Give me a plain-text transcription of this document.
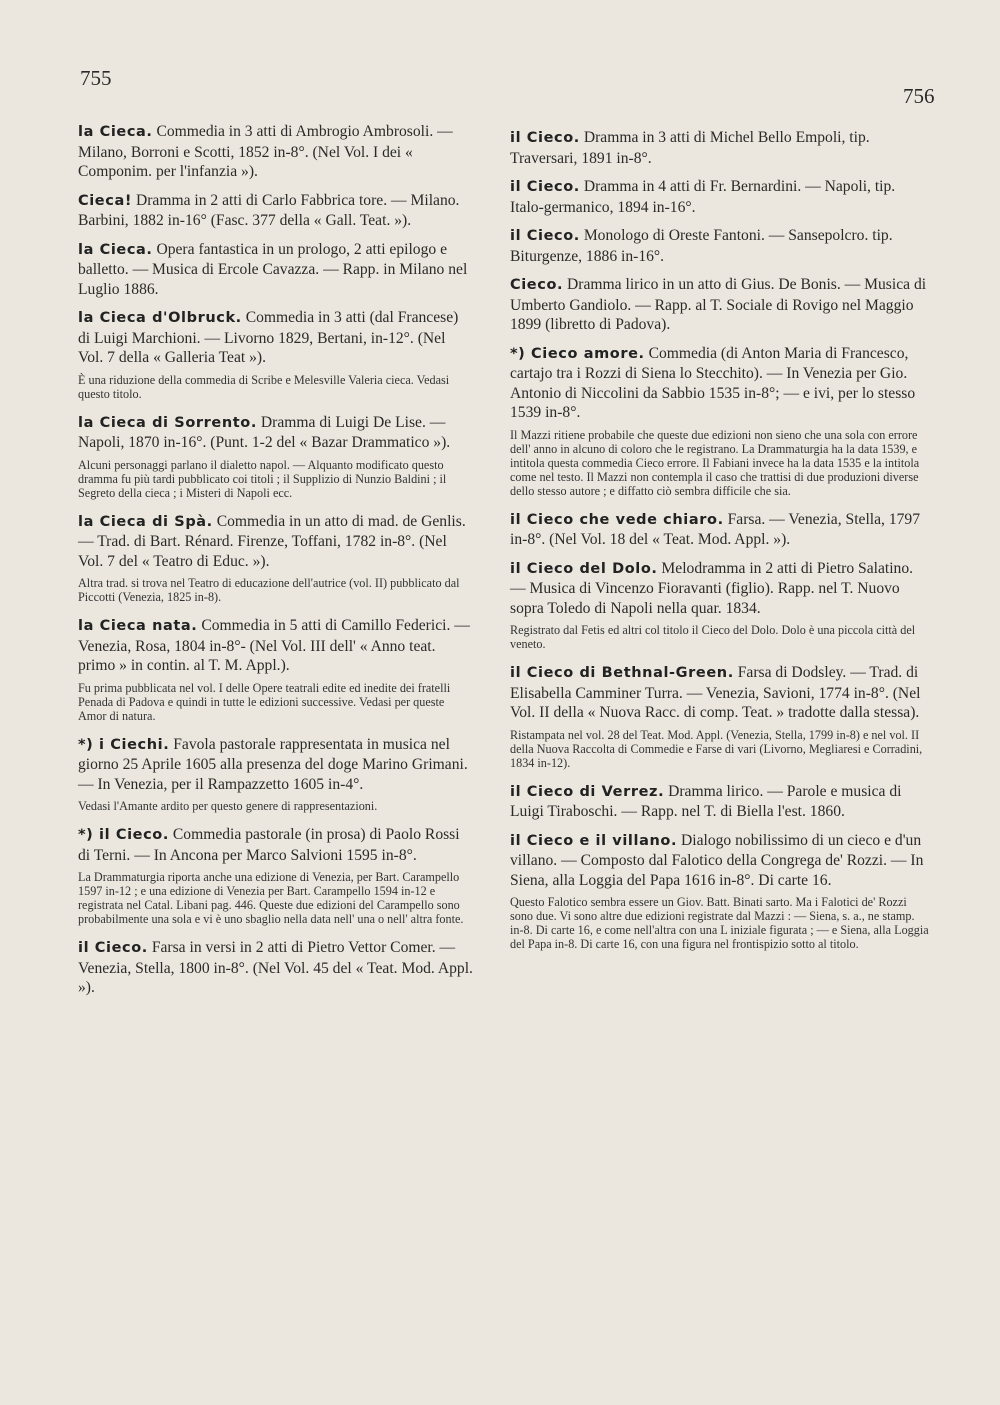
755
756
la Cieca. Commedia in 3 atti di Ambrogio Ambrosoli. — Milano, Borroni e Scotti, 1852 in-8°. (Nel Vol. I dei « Componim. per l'infanzia »).
Cieca! Dramma in 2 atti di Carlo Fabbrica tore. — Milano. Barbini, 1882 in-16° (Fasc. 377 della « Gall. Teat. »).
la Cieca. Opera fantastica in un prologo, 2 atti epilogo e balletto. — Musica di Ercole Cavazza. — Rapp. in Milano nel Luglio 1886.
la Cieca d'Olbruck. Commedia in 3 atti (dal Francese) di Luigi Marchioni. — Livorno 1829, Bertani, in-12°. (Nel Vol. 7 della « Galleria Teat »).
È una riduzione della commedia di Scribe e Melesville Valeria cieca. Vedasi questo titolo.
la Cieca di Sorrento. Dramma di Luigi De Lise. — Napoli, 1870 in-16°. (Punt. 1-2 del « Bazar Drammatico »).
Alcuni personaggi parlano il dialetto napol. — Alquanto modificato questo dramma fu più tardi pubblicato coi titoli ; il Supplizio di Nunzio Baldini ; il Segreto della cieca ; i Misteri di Napoli ecc.
la Cieca di Spà. Commedia in un atto di mad. de Genlis. — Trad. di Bart. Rénard. Firenze, Toffani, 1782 in-8°. (Nel Vol. 7 del « Teatro di Educ. »).
Altra trad. si trova nel Teatro di educazione dell'autrice (vol. II) pubblicato dal Piccotti (Venezia, 1825 in-8).
la Cieca nata. Commedia in 5 atti di Camillo Federici. — Venezia, Rosa, 1804 in-8°- (Nel Vol. III dell' « Anno teat. primo » in contin. al T. M. Appl.).
Fu prima pubblicata nel vol. I delle Opere teatrali edite ed inedite dei fratelli Penada di Padova e quindi in tutte le edizioni successive. Vedasi per queste Amor di natura.
*) i Ciechi. Favola pastorale rappresentata in musica nel giorno 25 Aprile 1605 alla presenza del doge Marino Grimani. — In Venezia, per il Rampazzetto 1605 in-4°.
Vedasi l'Amante ardito per questo genere di rappresentazioni.
*) il Cieco. Commedia pastorale (in prosa) di Paolo Rossi di Terni. — In Ancona per Marco Salvioni 1595 in-8°.
La Drammaturgia riporta anche una edizione di Venezia, per Bart. Carampello 1597 in-12 ; e una edizione di Venezia per Bart. Carampello 1594 in-12 e registrata nel Catal. Libani pag. 446. Queste due edizioni del Carampello sono probabilmente una sola e vi è uno sbaglio nella data nell' una o nell' altra fonte.
il Cieco. Farsa in versi in 2 atti di Pietro Vettor Comer. — Venezia, Stella, 1800 in-8°. (Nel Vol. 45 del « Teat. Mod. Appl. »).
il Cieco. Dramma in 3 atti di Michel Bello Empoli, tip. Traversari, 1891 in-8°.
il Cieco. Dramma in 4 atti di Fr. Bernardini. — Napoli, tip. Italo-germanico, 1894 in-16°.
il Cieco. Monologo di Oreste Fantoni. — Sansepolcro. tip. Biturgenze, 1886 in-16°.
Cieco. Dramma lirico in un atto di Gius. De Bonis. — Musica di Umberto Gandiolo. — Rapp. al T. Sociale di Rovigo nel Maggio 1899 (libretto di Padova).
*) Cieco amore. Commedia (di Anton Maria di Francesco, cartajo tra i Rozzi di Siena lo Stecchito). — In Venezia per Gio. Antonio di Niccolini da Sabbio 1535 in-8°; — e ivi, per lo stesso 1539 in-8°.
Il Mazzi ritiene probabile che queste due edizioni non sieno che una sola con errore dell' anno in alcuno di coloro che le registrano. La Drammaturgia ha la data 1539, e intitola questa commedia Cieco errore. Il Fabiani invece ha la data 1535 e la intitola come nel testo. Il Mazzi non contempla il caso che trattisi di due produzioni diverse dello stesso autore ; e diffatto ciò sembra difficile che sia.
il Cieco che vede chiaro. Farsa. — Venezia, Stella, 1797 in-8°. (Nel Vol. 18 del « Teat. Mod. Appl. »).
il Cieco del Dolo. Melodramma in 2 atti di Pietro Salatino. — Musica di Vincenzo Fioravanti (figlio). Rapp. nel T. Nuovo sopra Toledo di Napoli nella quar. 1834.
Registrato dal Fetis ed altri col titolo il Cieco del Dolo. Dolo è una piccola città del veneto.
il Cieco di Bethnal-Green. Farsa di Dodsley. — Trad. di Elisabella Camminer Turra. — Venezia, Savioni, 1774 in-8°. (Nel Vol. II della « Nuova Racc. di comp. Teat. » tradotte dalla stessa).
Ristampata nel vol. 28 del Teat. Mod. Appl. (Venezia, Stella, 1799 in-8) e nel vol. II della Nuova Raccolta di Commedie e Farse di vari (Livorno, Megliaresi e Corradini, 1834 in-12).
il Cieco di Verrez. Dramma lirico. — Parole e musica di Luigi Tiraboschi. — Rapp. nel T. di Biella l'est. 1860.
il Cieco e il villano. Dialogo nobilissimo di un cieco e d'un villano. — Composto dal Falotico della Congrega de' Rozzi. — In Siena, alla Loggia del Papa 1616 in-8°. Di carte 16.
Questo Falotico sembra essere un Giov. Batt. Binati sarto. Ma i Falotici de' Rozzi sono due. Vi sono altre due edizioni registrate dal Mazzi : — Siena, s. a., ne stamp. in-8. Di carte 16, e come nell'altra con una L iniziale figurata ; — e Siena, alla Loggia del Papa in-8. Di carte 16, con una figura nel frontispizio sotto al titolo.
